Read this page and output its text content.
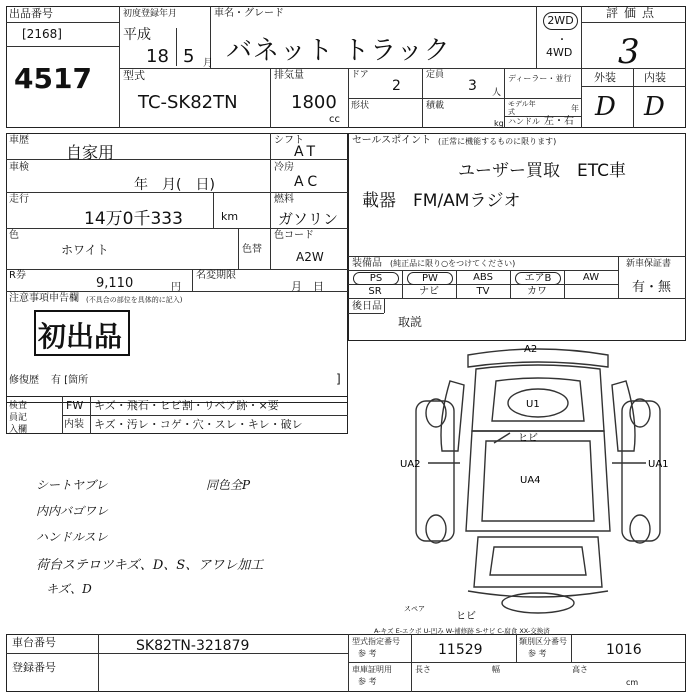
出品番号
[2168]
4517
初度登録年月
平成
18 5 月
車名・グレード
バネット トラック
2WD
・
4WD
評価点
3
外装	内装
D D
型式
TC-SK82TN
排気量
1800
cc
ドア
2
定員
3 人
ディーラー・並行
形状	積載
kg
モデル年式	年
ハンドル 左・右
車歴
自家用
シフト
AT
車検
年　月(　日)
冷房
AC
走行
14万0千333	km
燃料
ガソリン
色
ホワイト	色替
色コード
A2W
R券
9,110	円
名変期限
月　日
注意事項申告欄 (不具合の部位を具体的に記入)
初出品
修復歴 有 [箇所	]
セールスポイント (正常に機能するものに限ります)
ユーザー買取　ETC車
載器　FM/AMラジオ
装備品 (純正品に限り○をつけてください)	新車保証書
有・無
PS	PW	ABS	エアB	AW
SR	ナビ	TV	カワ
後日品
取説
検査員記入欄
FW キズ・飛石・ヒビ割・リペア跡・×要
内装 キズ・汚レ・コゲ・穴・スレ・キレ・破レ
シートヤブレ
内内バゴワレ
ハンドルスレ
荷台ステロツキズ、D、S、アワレ加工
キズ、D
同色全P
A2
U1
ヒビ
UA2
UA4
UA1
ヒビ
スペア
A-キズ E-エクボ U-凹み W-補修跡 S-サビ C-腐食 XX-交換済
車台番号	SK82TN-321879
登録番号
型式指定番号
参 考	11529
類別区分番号
参 考	1016
車庫証明用
参 考
長さ	幅	高さ
cm
